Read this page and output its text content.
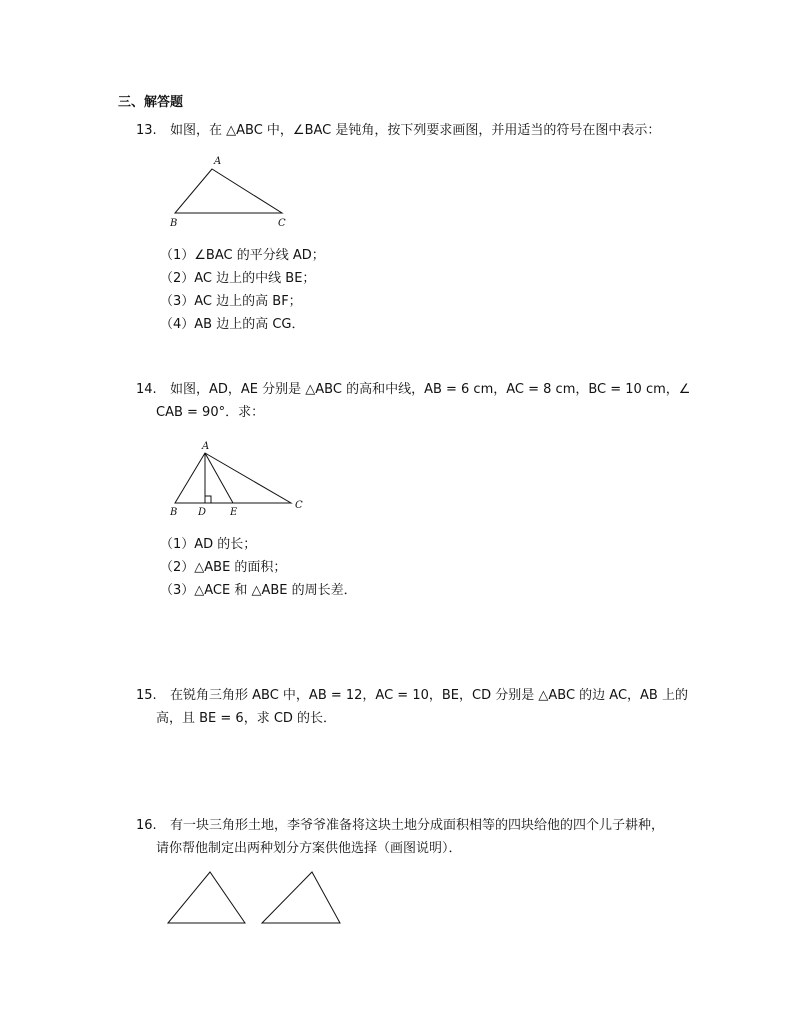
三、解答题
13. 如图，在 △ABC 中，∠BAC 是钝角，按下列要求画图，并用适当的符号在图中表示：
A
B	C
（1）∠BAC 的平分线 AD；
（2）AC 边上的中线 BE；
（3）AC 边上的高 BF；
（4）AB 边上的高 CG．
14. 如图，AD，AE 分别是 △ABC 的高和中线，AB = 6 cm，AC = 8 cm，BC = 10 cm，∠
CAB = 90°．求：
A
B D E
C
（1）AD 的长；
（2）△ABE 的面积；
（3）△ACE 和 △ABE 的周长差．
15. 在锐角三角形 ABC 中，AB = 12，AC = 10，BE，CD 分别是 △ABC 的边 AC，AB 上的
高，且 BE = 6，求 CD 的长．
16. 有一块三角形土地，李爷爷准备将这块土地分成面积相等的四块给他的四个儿子耕种，
请你帮他制定出两种划分方案供他选择（画图说明）．
